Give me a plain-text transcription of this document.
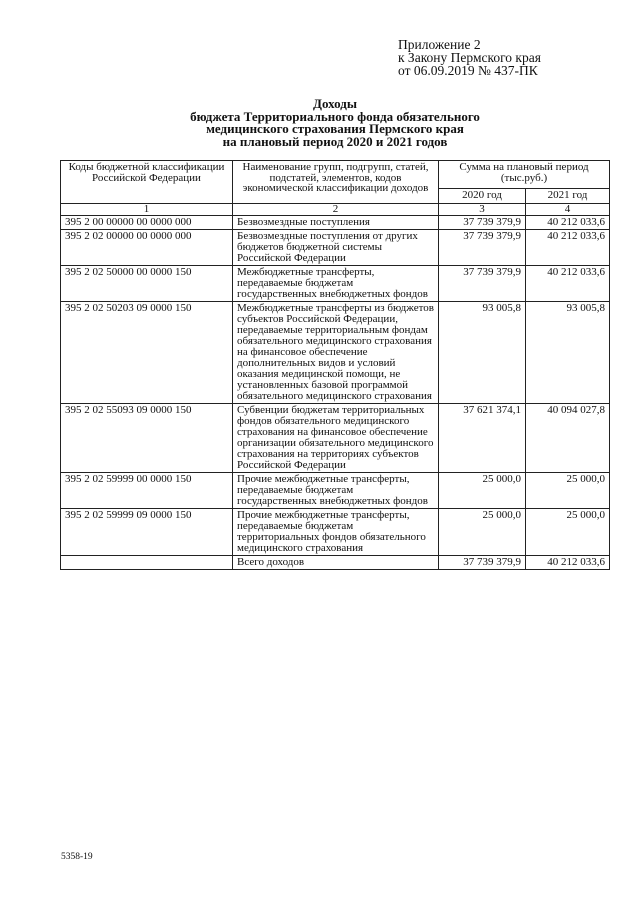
Приложение 2
к Закону Пермского края
от 06.09.2019 № 437-ПК
Доходы
бюджета Территориального фонда обязательного
медицинского страхования Пермского края
на плановый период 2020 и 2021 годов
Коды бюджетной классификации Российской Федерации	Наименование групп, подгрупп, статей, подстатей, элементов, кодов экономической классификации доходов	Сумма на плановый период (тыс.руб.)	
		2020 год	2021 год
1	2	3	4
395 2 00 00000 00 0000 000	Безвозмездные поступления	37 739 379,9	40 212 033,6
395 2 02 00000 00 0000 000	Безвозмездные поступления от других бюджетов бюджетной системы Российской Федерации	37 739 379,9	40 212 033,6
395 2 02 50000 00 0000 150	Межбюджетные трансферты, передаваемые бюджетам государственных внебюджетных фондов	37 739 379,9	40 212 033,6
395 2 02 50203 09 0000 150	Межбюджетные трансферты из бюджетов субъектов Российской Федерации, передаваемые территориальным фондам обязательного медицинского страхования на финансовое обеспечение дополнительных видов и условий оказания медицинской помощи, не установленных базовой программой обязательного медицинского страхования	93 005,8	93 005,8
395 2 02 55093 09 0000 150	Субвенции бюджетам территориальных фондов обязательного медицинского страхования на финансовое обеспечение организации обязательного медицинского страхования на территориях субъектов Российской Федерации	37 621 374,1	40 094 027,8
395 2 02 59999 00 0000 150	Прочие межбюджетные трансферты, передаваемые бюджетам государственных внебюджетных фондов	25 000,0	25 000,0
395 2 02 59999 09 0000 150	Прочие межбюджетные трансферты, передаваемые бюджетам территориальных фондов обязательного медицинского страхования	25 000,0	25 000,0
	Всего доходов	37 739 379,9	40 212 033,6
5358-19
